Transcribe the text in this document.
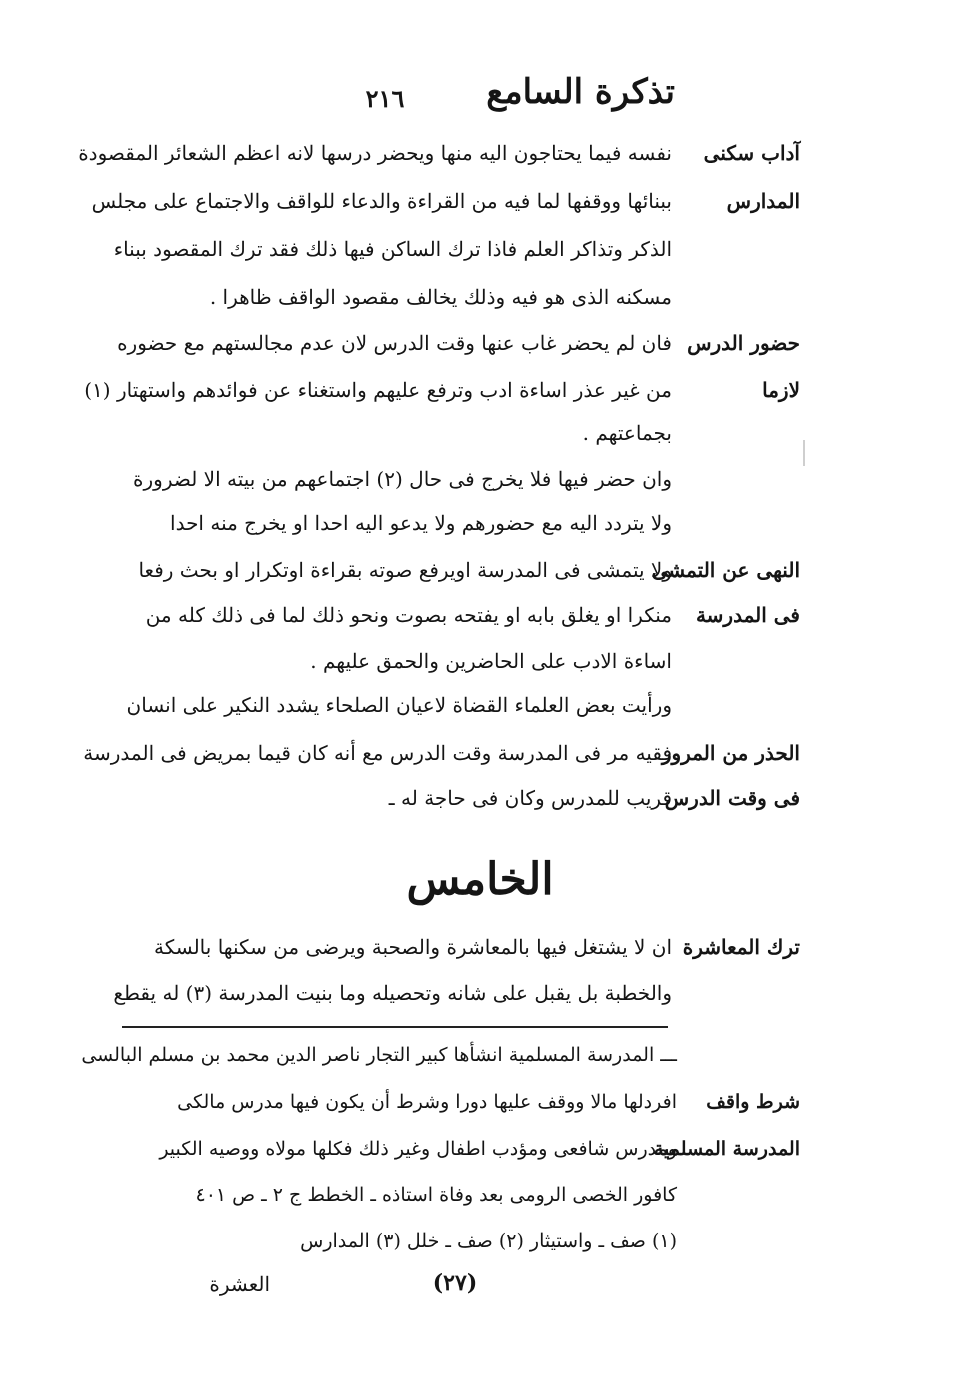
تذكرة السامع
٢١٦
نفسه فيما يحتاجون اليه منها ويحضر درسها لانه اعظم الشعائر المقصودة
ببنائها ووقفها لما فيه من القراءة والدعاء للواقف والاجتماع على مجلس
الذكر وتذاكر العلم فاذا ترك الساكن فيها ذلك فقد ترك المقصود ببناء
مسكنه الذى هو فيه وذلك يخالف مقصود الواقف ظاهرا .
فان لم يحضر غاب عنها وقت الدرس لان عدم مجالستهم مع حضوره
من غير عذر اساءة ادب وترفع عليهم واستغناء عن فوائدهم واستهتار (١)
بجماعتهم .
وان حضر فيها فلا يخرج فى حال (٢) اجتماعهم من بيته الا لضرورة
ولا يتردد اليه مع حضورهم ولا يدعو اليه احدا او يخرج منه احدا
ولا يتمشى فى المدرسة اويرفع صوته بقراءة اوتكرار او بحث رفعا
منكرا او يغلق بابه او يفتحه بصوت ونحو ذلك لما فى ذلك كله من
اساءة الادب على الحاضرين والحمق عليهم .
ورأيت بعض العلماء القضاة لاعيان الصلحاء يشدد النكير على انسان
فقيه مر فى المدرسة وقت الدرس مع أنه كان قيما بمريض فى المدرسة
قريب للمدرس وكان فى حاجة له ـ
آداب سكنى
المدارس
حضور الدرس
لازما
النهى عن التمشى
فى المدرسة
الحذر من المرور
فى وقت الدرس
الخامس
ان لا يشتغل فيها بالمعاشرة والصحبة ويرضى من سكنها بالسكة
والخطبة بل يقبل على شانه وتحصيله وما بنيت المدرسة (٣) له يقطع
ترك المعاشرة
ـــ المدرسة المسلمية انشأها كبير التجار ناصر الدين محمد بن مسلم البالسى
افردلها مالا ووقف عليها دورا وشرط أن يكون فيها مدرس مالكى
ومدرس شافعى ومؤدب اطفال وغير ذلك فكلها مولاه ووصيه الكبير
كافور الخصى الرومى بعد وفاة استاذه ـ الخطط ج ٢ ـ ص ٤٠١
(١) صف ـ واستيثار (٢) صف ـ خلل (٣) المدارس
شرط واقف
المدرسة المسلمية
العشرة	(٢٧)
